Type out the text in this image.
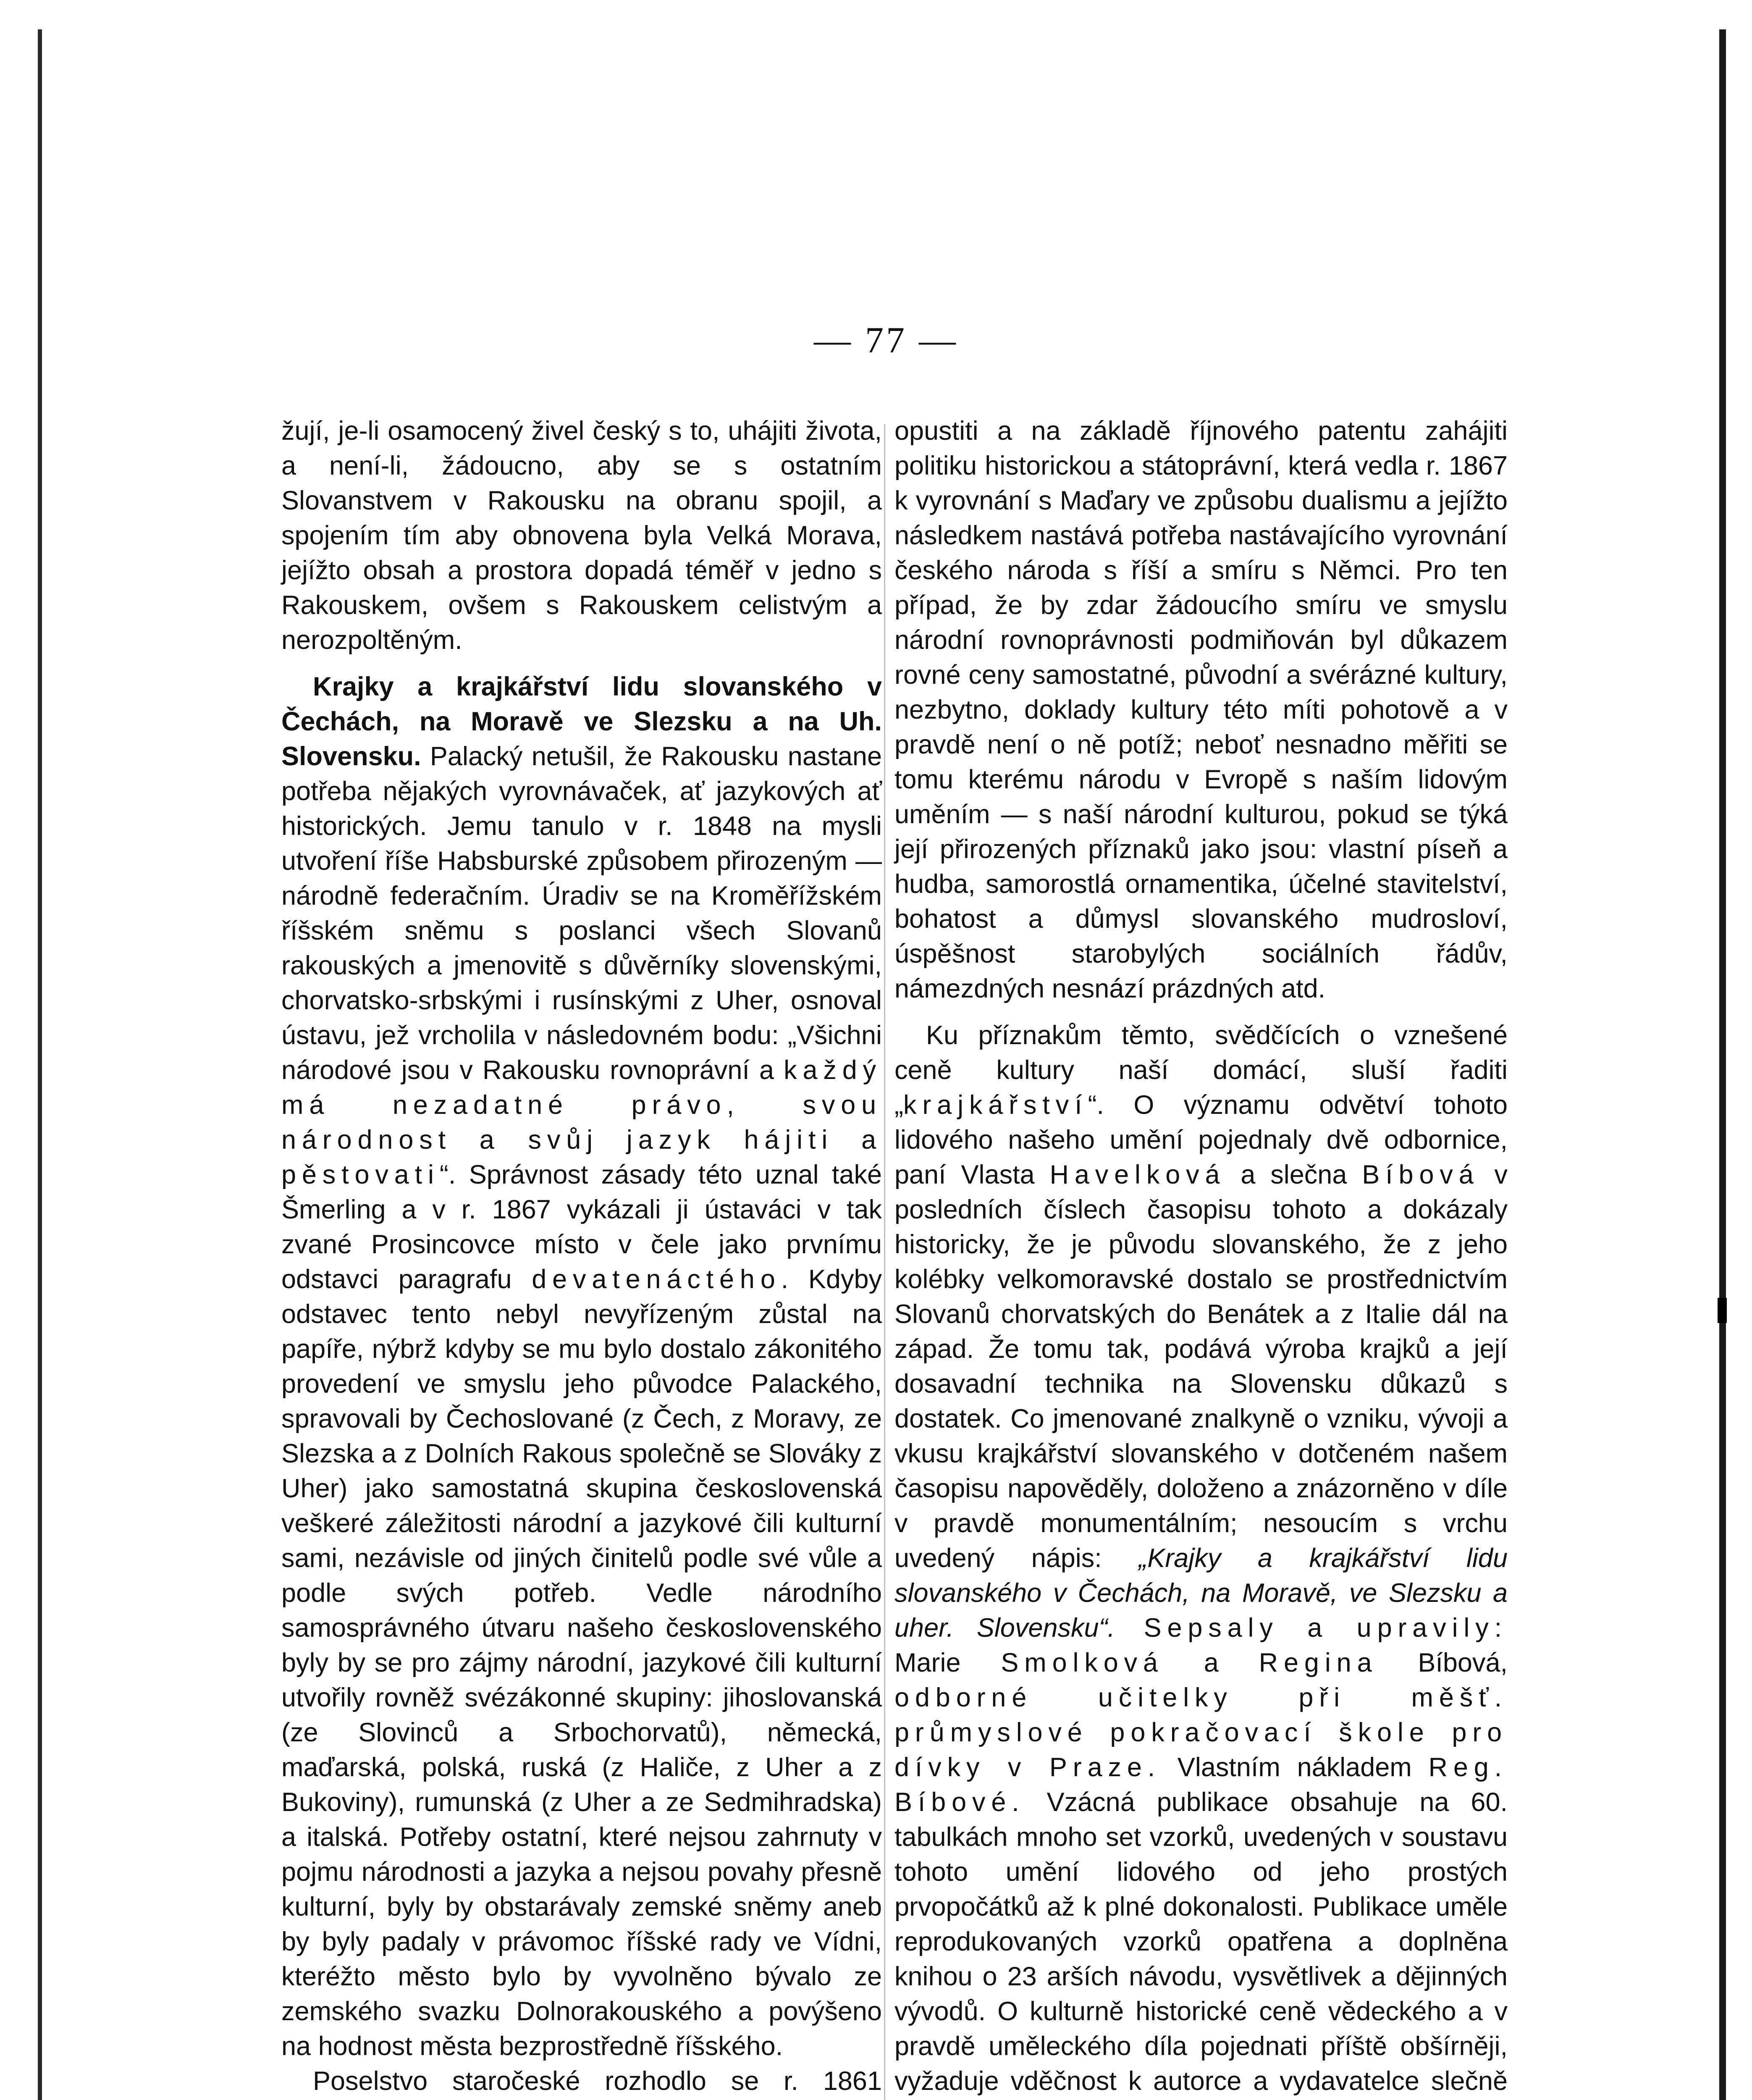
— 77 —

žují, je-li osamocený živel český s to, uhájiti života, a není-li, žádoucno, aby se s ostatním Slovanstvem v Rakousku na obranu spojil, a spojením tím aby obnovena byla Velká Morava, jejížto obsah a prostora dopadá téměř v jedno s Rakouskem, ovšem s Rakouskem celistvým a nerozpoltěným.

Krajky a krajkářství lidu slovanského v Čechách, na Moravě ve Slezsku a na Uh. Slovensku. Palacký netušil, že Rakousku nastane potřeba nějakých vyrovnávaček, ať jazykových ať historických. Jemu tanulo v r. 1848 na mysli utvoření říše Habsburské způsobem přirozeným — národně federačním. Úradiv se na Kroměřížském říšském sněmu s poslanci všech Slovanů rakouských a jmenovitě s důvěrníky slovenskými, chorvatsko-srbskými i rusínskými z Uher, osnoval ústavu, jež vrcholila v následovném bodu: „Všichni národové jsou v Rakousku rovnoprávní a každý má nezadatné právo, svou národnost a svůj jazyk hájiti a pěstovati“. Správnost zásady této uznal také Šmerling a v r. 1867 vykázali ji ústaváci v tak zvané Prosincovce místo v čele jako prvnímu odstavci paragrafu devatenáctého. Kdyby odstavec tento nebyl nevyřízeným zůstal na papíře, nýbrž kdyby se mu bylo dostalo zákonitého provedení ve smyslu jeho původce Palackého, spravovali by Čechoslované (z Čech, z Moravy, ze Slezska a z Dolních Rakous společně se Slováky z Uher) jako samostatná skupina československá veškeré záležitosti národní a jazykové čili kulturní sami, nezávisle od jiných činitelů podle své vůle a podle svých potřeb. Vedle národního samosprávného útvaru našeho československého byly by se pro zájmy národní, jazykové čili kulturní utvořily rovněž svézákonné skupiny: jihoslovanská (ze Slovinců a Srbochorvatů), německá, maďarská, polská, ruská (z Haliče, z Uher a z Bukoviny), rumunská (z Uher a ze Sedmihradska) a italská. Potřeby ostatní, které nejsou zahrnuty v pojmu národnosti a jazyka a nejsou povahy přesně kulturní, byly by obstarávaly zemské sněmy aneb by byly padaly v právomoc říšské rady ve Vídni, kteréžto město bylo by vyvolněno bývalo ze zemského svazku Dolnorakouského a povýšeno na hodnost města bezprostředně říšského.

Poselstvo staročeské rozhodlo se r. 1861

opustiti a na základě říjnového patentu zahájiti politiku historickou a státoprávní, která vedla r. 1867 k vyrovnání s Maďary ve způsobu dualismu a jejížto následkem nastává potřeba nastávajícího vyrovnání českého národa s říší a smíru s Němci. Pro ten případ, že by zdar žádoucího smíru ve smyslu národní rovnoprávnosti podmiňován byl důkazem rovné ceny samostatné, původní a svérázné kultury, nezbytno, doklady kultury této míti pohotově a v pravdě není o ně potíž; neboť nesnadno měřiti se tomu kterému národu v Evropě s naším lidovým uměním — s naší národní kulturou, pokud se týká její přirozených příznaků jako jsou: vlastní píseň a hudba, samorostlá ornamentika, účelné stavitelství, bohatost a důmysl slovanského mudrosloví, úspěšnost starobylých sociálních řádův, námezdných nesnází prázdných atd.

Ku příznakům těmto, svědčících o vznešené ceně kultury naší domácí, sluší řaditi „krajkářství“. O významu odvětví tohoto lidového našeho umění pojednaly dvě odbornice, paní Vlasta Havelková a slečna Bíbová v posledních číslech časopisu tohoto a dokázaly historicky, že je původu slovanského, že z jeho kolébky velkomoravské dostalo se prostřednictvím Slovanů chorvatských do Benátek a z Italie dál na západ. Že tomu tak, podává výroba krajků a její dosavadní technika na Slovensku důkazů s dostatek. Co jmenované znalkyně o vzniku, vývoji a vkusu krajkářství slovanského v dotčeném našem časopisu napověděly, doloženo a znázorněno v díle v pravdě monumentálním; nesoucím s vrchu uvedený nápis: „Krajky a krajkářství lidu slovanského v Čechách, na Moravě, ve Slezsku a uher. Slovensku“. Sepsaly a upravily: Marie Smolková a Regina Bíbová, odborné učitelky při měšť. průmyslové pokračovací škole pro dívky v Praze. Vlastním nákladem Reg. Bíbové. Vzácná publikace obsahuje na 60. tabulkách mnoho set vzorků, uvedených v soustavu tohoto umění lidového od jeho prostých prvopočátků až k plné dokonalosti. Publikace uměle reprodukovaných vzorků opatřena a doplněna knihou o 23 arších návodu, vysvětlivek a dějinných vývodů. O kulturně historické ceně vědeckého a v pravdě uměleckého díla pojednati příště obšírněji, vyžaduje vděčnost k autorce a vydavatelce slečně
